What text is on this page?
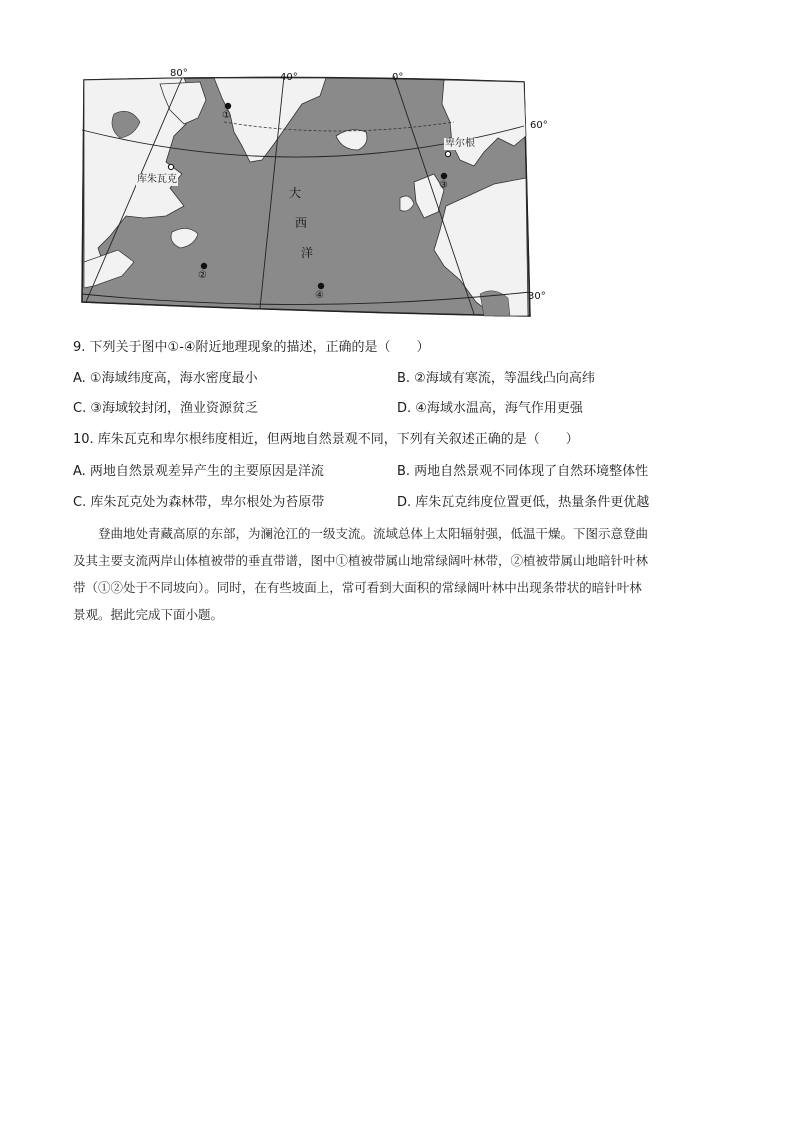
80°	40°	0°
60°
30°
库朱瓦克
卑尔根
大
西
洋
①
②
③
④
9. 下列关于图中①-④附近地理现象的描述，正确的是（　　）
A. ①海域纬度高，海水密度最小	B. ②海域有寒流，等温线凸向高纬
C. ③海域较封闭，渔业资源贫乏	D. ④海域水温高，海气作用更强
10. 库朱瓦克和卑尔根纬度相近，但两地自然景观不同，下列有关叙述正确的是（　　）
A. 两地自然景观差异产生的主要原因是洋流	B. 两地自然景观不同体现了自然环境整体性
C. 库朱瓦克处为森林带，卑尔根处为苔原带	D. 库朱瓦克纬度位置更低，热量条件更优越
　　登曲地处青藏高原的东部，为澜沧江的一级支流。流域总体上太阳辐射强，低温干燥。下图示意登曲
及其主要支流两岸山体植被带的垂直带谱，图中①植被带属山地常绿阔叶林带，②植被带属山地暗针叶林
带（①②处于不同坡向）。同时，在有些坡面上，常可看到大面积的常绿阔叶林中出现条带状的暗针叶林
景观。据此完成下面小题。
